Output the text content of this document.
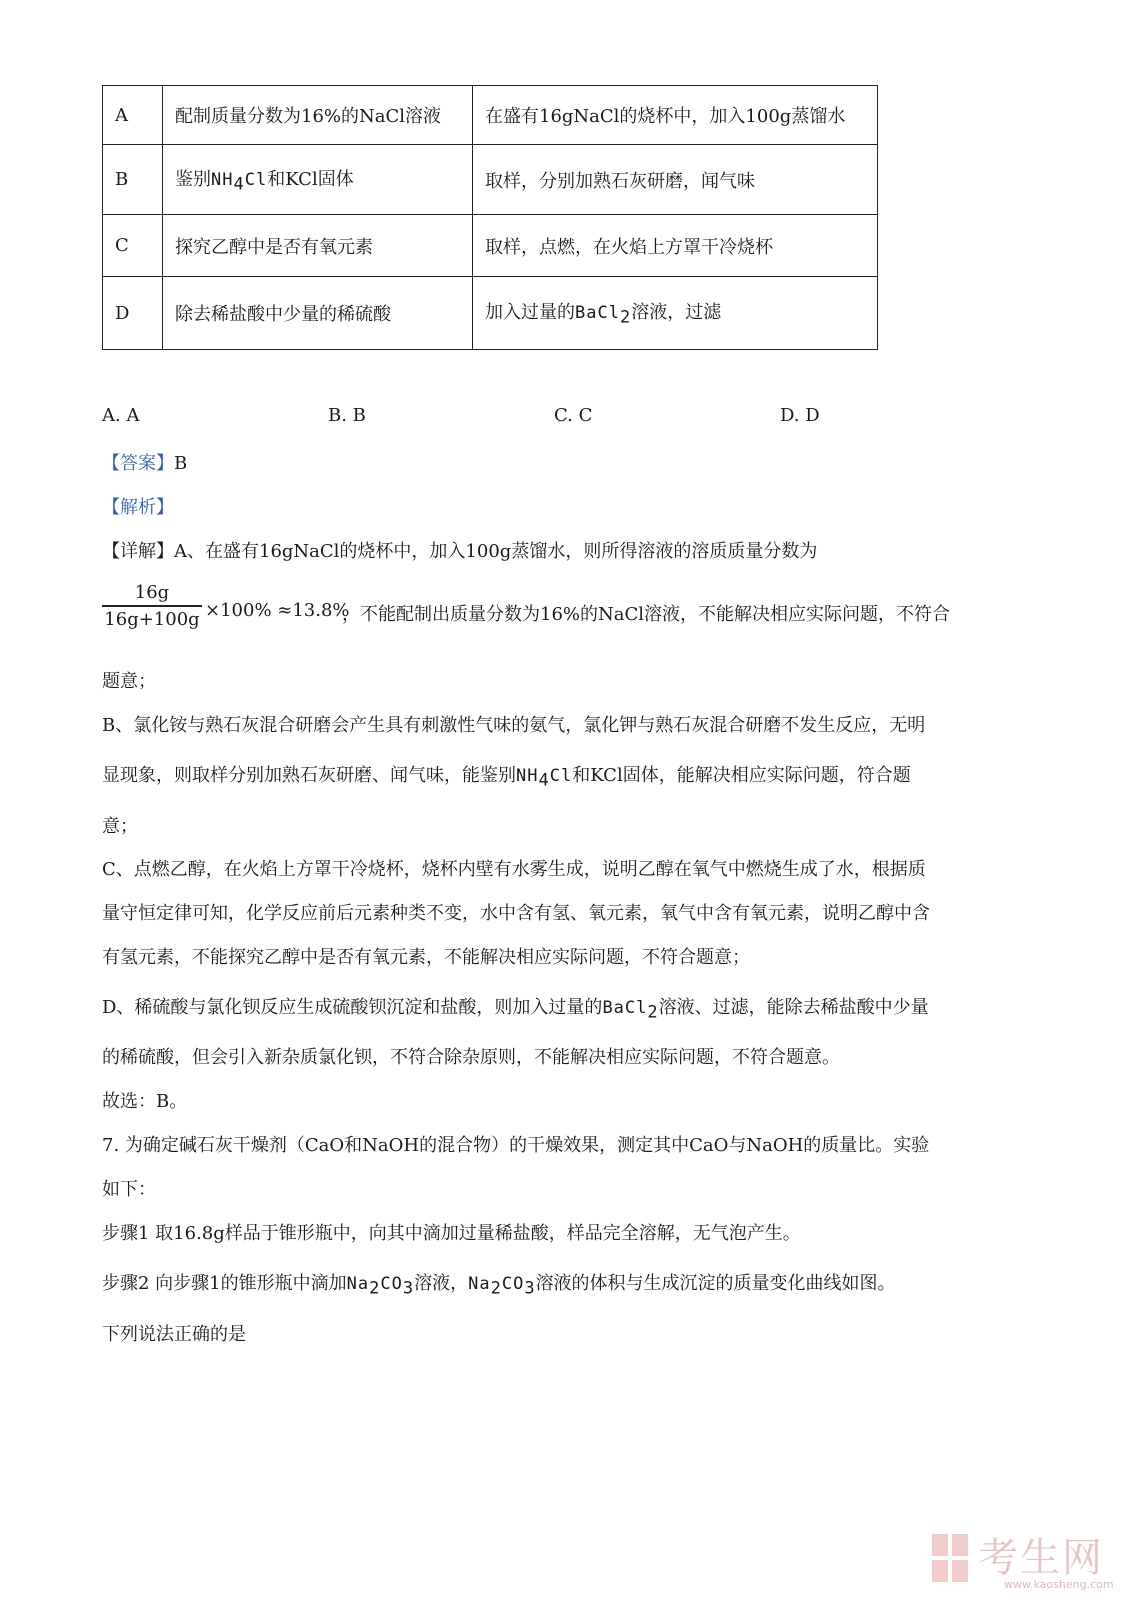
A	配制质量分数为16%的NaCl溶液	在盛有16gNaCl的烧杯中，加入100g蒸馏水
B	鉴别$NH_4Cl$和KCl固体	取样，分别加熟石灰研磨，闻气味
C	探究乙醇中是否有氧元素	取样，点燃，在火焰上方罩干冷烧杯
D	除去稀盐酸中少量的稀硫酸	加入过量的BaCl$_2$溶液，过滤
A. A	B. B	C. C	D. D
【答案】B
【解析】
【详解】A、在盛有16gNaCl的烧杯中，加入100g蒸馏水，则所得溶液的溶质质量分数为
16g
16g+100g ×100% ≈13.8%
，不能配制出质量分数为16%的NaCl溶液，不能解决相应实际问题，不符合
题意；
B、氯化铵与熟石灰混合研磨会产生具有刺激性气味的氨气，氯化钾与熟石灰混合研磨不发生反应，无明
显现象，则取样分别加熟石灰研磨、闻气味，能鉴别$NH_4Cl$和KCl固体，能解决相应实际问题，符合题
意；
C、点燃乙醇，在火焰上方罩干冷烧杯，烧杯内壁有水雾生成，说明乙醇在氧气中燃烧生成了水，根据质
量守恒定律可知，化学反应前后元素种类不变，水中含有氢、氧元素，氧气中含有氧元素，说明乙醇中含
有氢元素，不能探究乙醇中是否有氧元素，不能解决相应实际问题，不符合题意；
D、稀硫酸与氯化钡反应生成硫酸钡沉淀和盐酸，则加入过量的BaCl$_2$溶液、过滤，能除去稀盐酸中少量
的稀硫酸，但会引入新杂质氯化钡，不符合除杂原则，不能解决相应实际问题，不符合题意。
故选：B。
7. 为确定碱石灰干燥剂（CaO和NaOH的混合物）的干燥效果，测定其中CaO与NaOH的质量比。实验
如下：
步骤1 取16.8g样品于锥形瓶中，向其中滴加过量稀盐酸，样品完全溶解，无气泡产生。
步骤2 向步骤1的锥形瓶中滴加$Na_2CO_3$溶液，$Na_2CO_3$溶液的体积与生成沉淀的质量变化曲线如图。
下列说法正确的是
考生网
www.kaosheng.com
